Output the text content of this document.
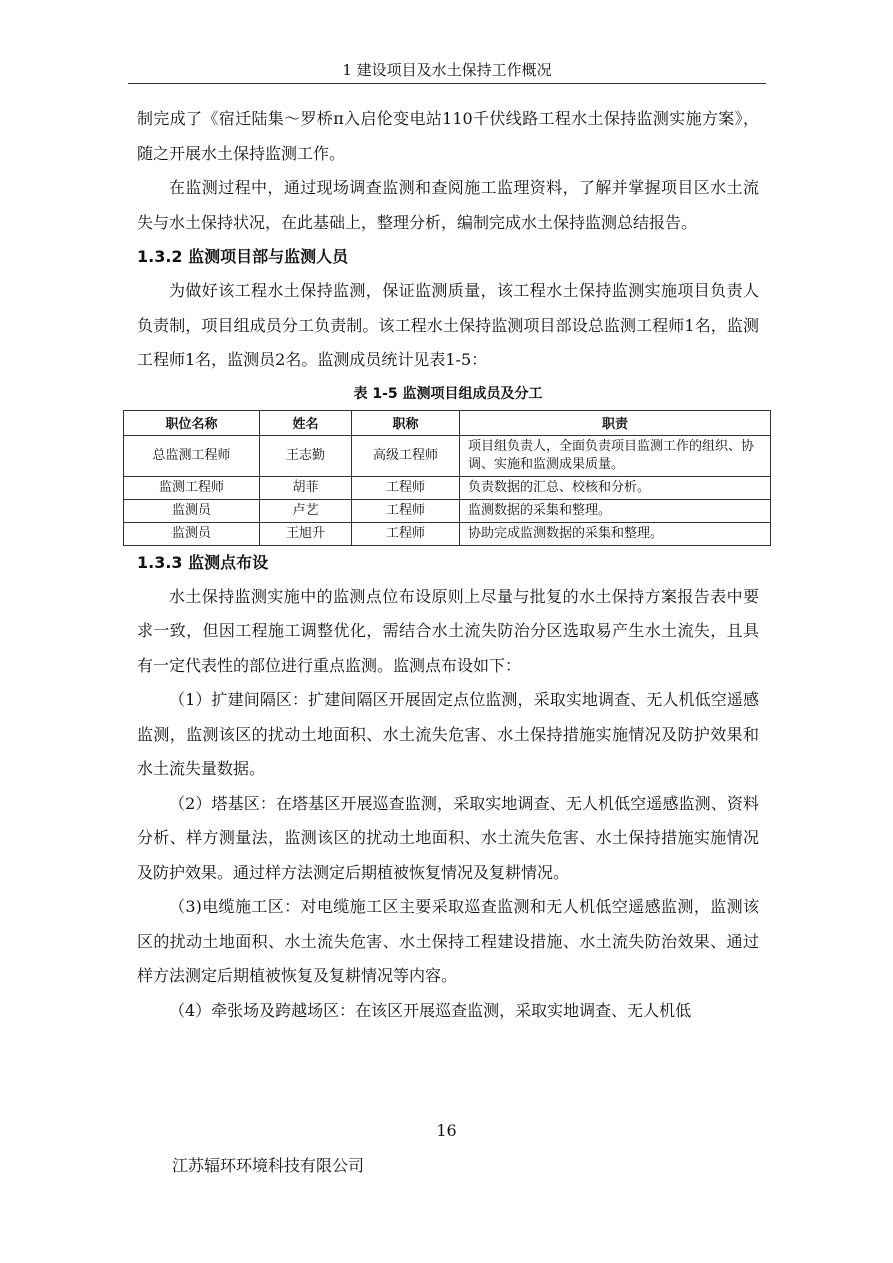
1 建设项目及水土保持工作概况

制完成了《宿迁陆集～罗桥π入启伦变电站110千伏线路工程水土保持监测实施方案》，随之开展水土保持监测工作。

在监测过程中，通过现场调查监测和查阅施工监理资料，了解并掌握项目区水土流失与水土保持状况，在此基础上，整理分析，编制完成水土保持监测总结报告。

1.3.2 监测项目部与监测人员

为做好该工程水土保持监测，保证监测质量，该工程水土保持监测实施项目负责人负责制，项目组成员分工负责制。该工程水土保持监测项目部设总监测工程师1名，监测工程师1名，监测员2名。监测成员统计见表1-5：

表 1-5 监测项目组成员及分工
职位名称	姓名	职称	职责
总监测工程师	王志勤	高级工程师	项目组负责人，全面负责项目监测工作的组织、协调、实施和监测成果质量。
监测工程师	胡菲	工程师	负责数据的汇总、校核和分析。
监测员	卢艺	工程师	监测数据的采集和整理。
监测员	王旭升	工程师	协助完成监测数据的采集和整理。
1.3.3 监测点布设

水土保持监测实施中的监测点位布设原则上尽量与批复的水土保持方案报告表中要求一致，但因工程施工调整优化，需结合水土流失防治分区选取易产生水土流失，且具有一定代表性的部位进行重点监测。监测点布设如下：

（1）扩建间隔区：扩建间隔区开展固定点位监测，采取实地调查、无人机低空遥感监测，监测该区的扰动土地面积、水土流失危害、水土保持措施实施情况及防护效果和水土流失量数据。

（2）塔基区：在塔基区开展巡查监测，采取实地调查、无人机低空遥感监测、资料分析、样方测量法，监测该区的扰动土地面积、水土流失危害、水土保持措施实施情况及防护效果。通过样方法测定后期植被恢复情况及复耕情况。

（3)电缆施工区：对电缆施工区主要采取巡查监测和无人机低空遥感监测，监测该区的扰动土地面积、水土流失危害、水土保持工程建设措施、水土流失防治效果、通过样方法测定后期植被恢复及复耕情况等内容。

（4）牵张场及跨越场区：在该区开展巡查监测，采取实地调查、无人机低

16
江苏辐环环境科技有限公司
